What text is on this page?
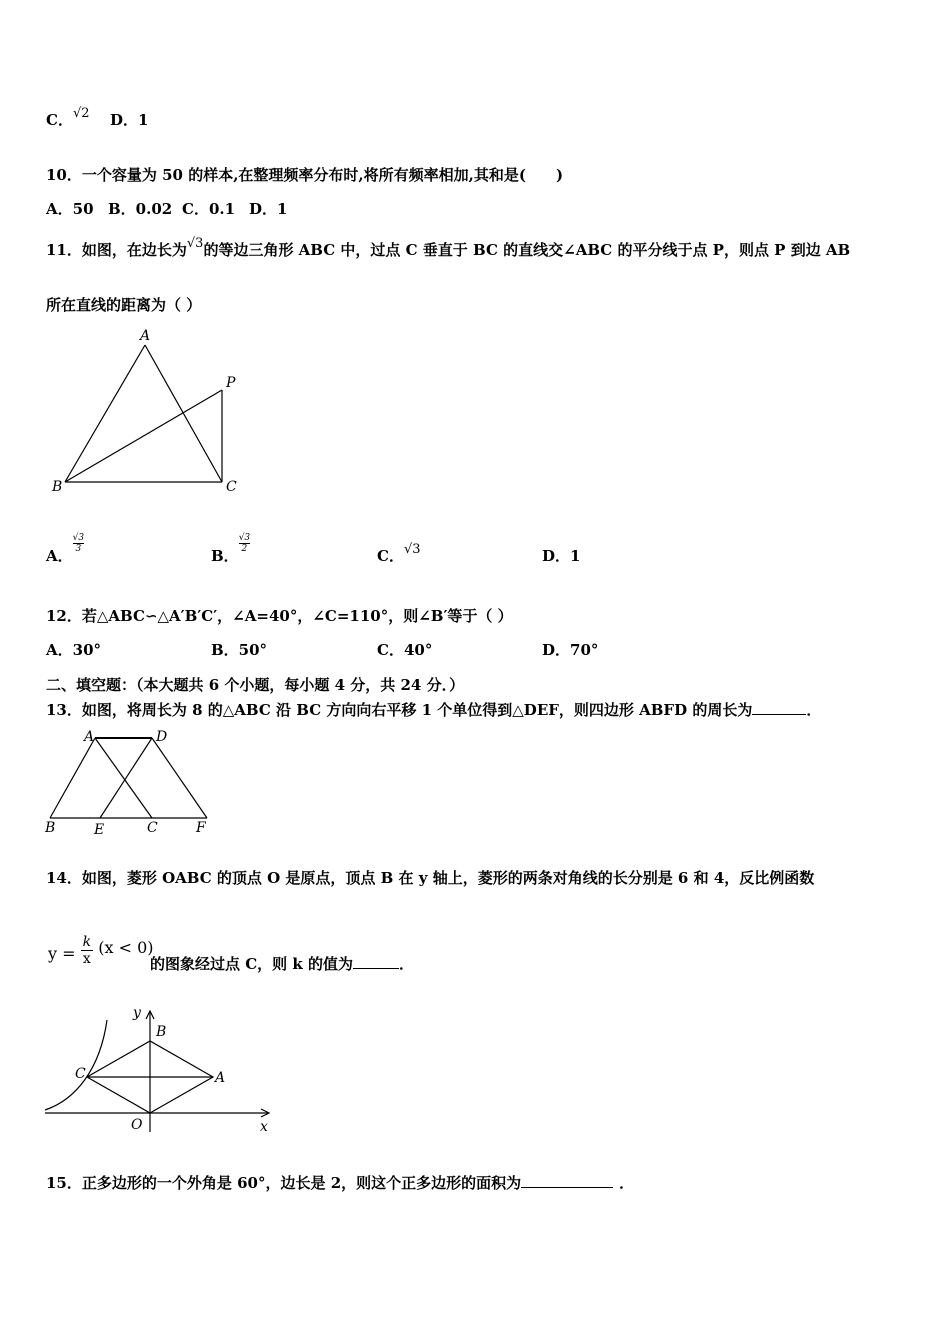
C．√2 D．1
10．一个容量为 50 的样本,在整理频率分布时,将所有频率相加,其和是(　　)
A．50 B．0.02 C．0.1 D．1
11．如图，在边长为√3的等边三角形 ABC 中，过点 C 垂直于 BC 的直线交∠ABC 的平分线于点 P，则点 P 到边 AB
所在直线的距离为（ ）
A
P
B	C
A．
$\frac{√3}{3}$
B．
$\frac{√3}{2}$
C．√3	D．1
12．若△ABC∽△A′B′C′，∠A=40°，∠C=110°，则∠B′等于（ ）
A．30°	B．50°	C．40°	D．70°
二、填空题：（本大题共 6 个小题，每小题 4 分，共 24 分．）
13．如图，将周长为 8 的△ABC 沿 BC 方向向右平移 1 个单位得到△DEF，则四边形 ABFD 的周长为	．
A	D
B	E	C	F
14．如图，菱形 OABC 的顶点 O 是原点，顶点 B 在 y 轴上，菱形的两条对角线的长分别是 6 和 4，反比例函数
$y = \frac{k}{x} (x < 0)$
的图象经过点 C，则 k 的值为	．
y
B
C	A
O	x
15．正多边形的一个外角是 60°，边长是 2，则这个正多边形的面积为	．
